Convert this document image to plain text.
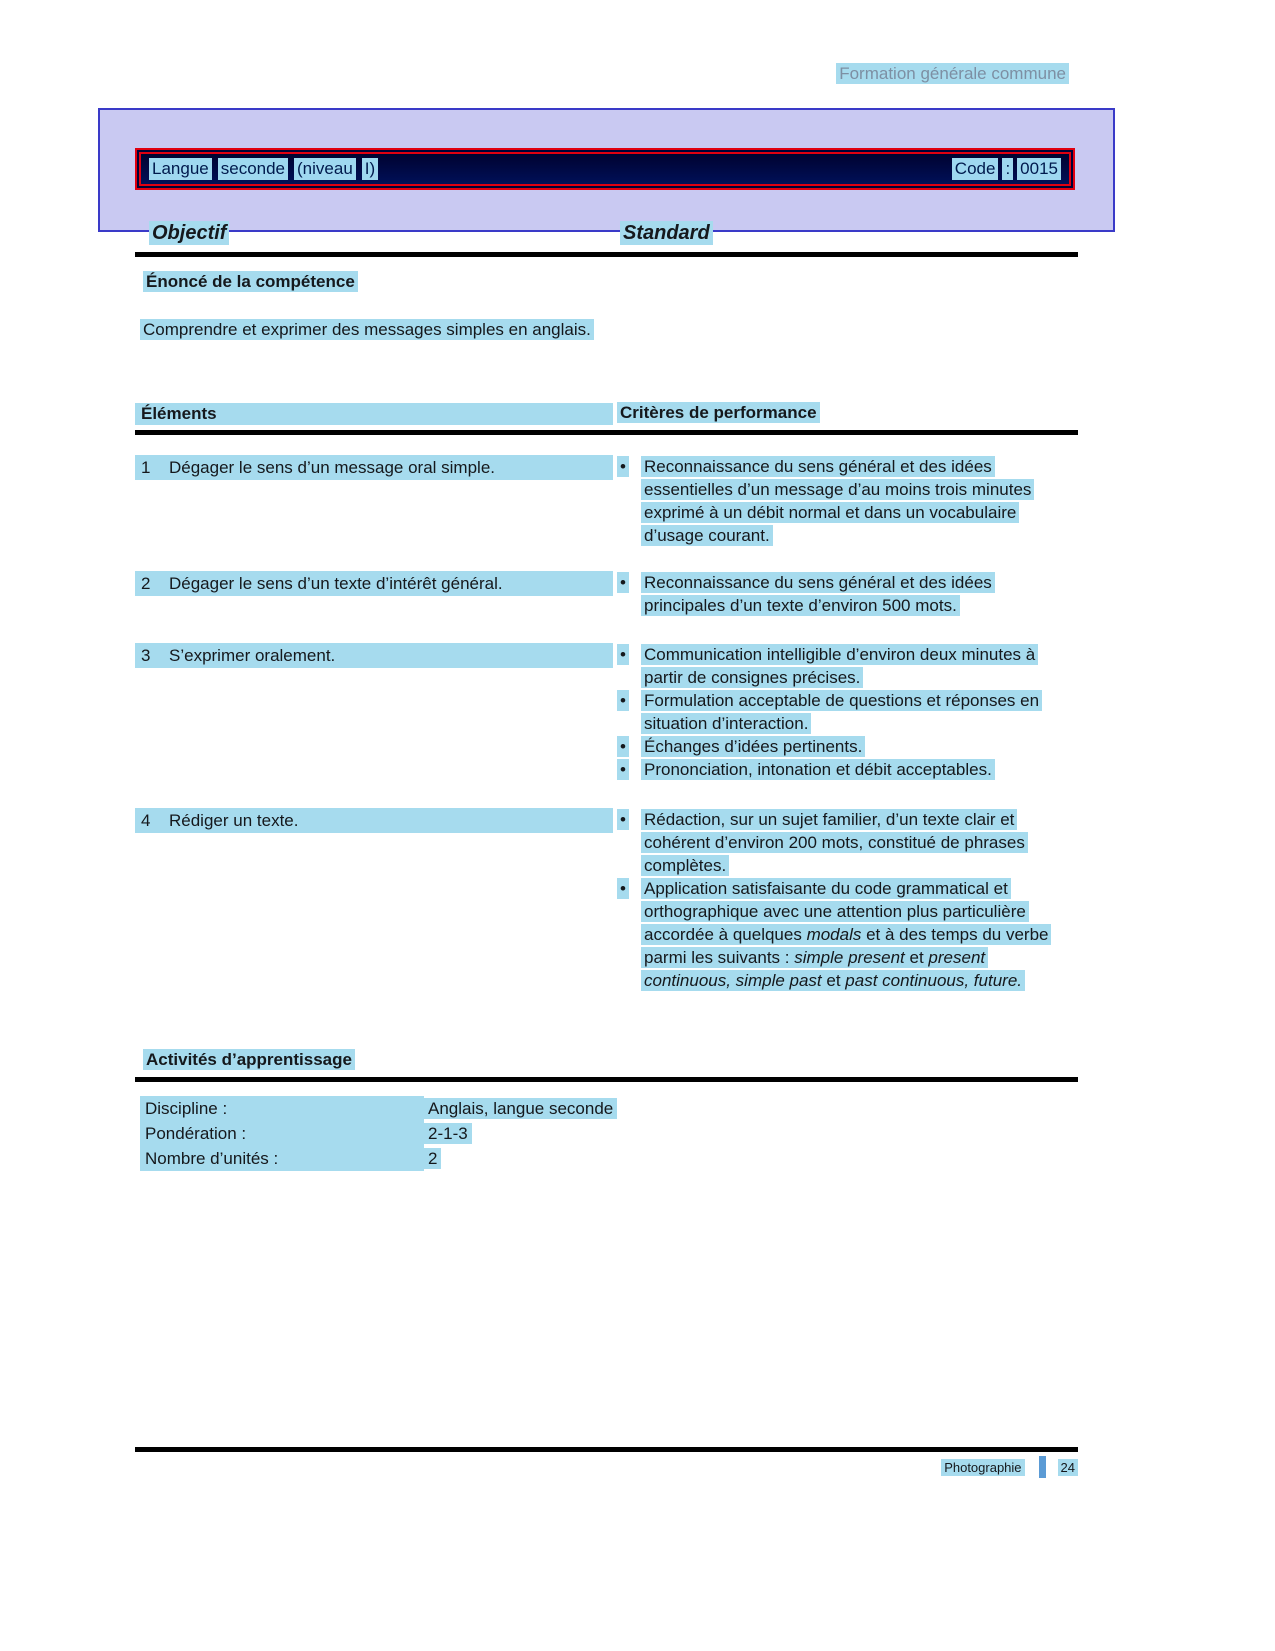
Formation générale commune
Langue seconde (niveau I)	Code : 0015
Objectif	Standard
Énoncé de la compétence
Comprendre et exprimer des messages simples en anglais.
Éléments	Critères de performance
1 Dégager le sens d’un message oral simple.	•	Reconnaissance du sens général et des idées essentielles d’un message d’au moins trois minutes exprimé à un débit normal et dans un vocabulaire d’usage courant.
2 Dégager le sens d’un texte d’intérêt général.	•	Reconnaissance du sens général et des idées principales d’un texte d’environ 500 mots.
3 S’exprimer oralement.	•	Communication intelligible d’environ deux minutes à partir de consignes précises.
•	Formulation acceptable de questions et réponses en situation d’interaction.
•	Échanges d’idées pertinents.
•	Prononciation, intonation et débit acceptables.
4 Rédiger un texte.	•	Rédaction, sur un sujet familier, d’un texte clair et cohérent d’environ 200 mots, constitué de phrases complètes.
•	Application satisfaisante du code grammatical et orthographique avec une attention plus particulière accordée à quelques modals et à des temps du verbe parmi les suivants : simple present et present continuous, simple past et past continuous, future.
Activités d’apprentissage
Discipline :	Anglais, langue seconde
Pondération :	2-1-3
Nombre d’unités :	2
Photographie	24
